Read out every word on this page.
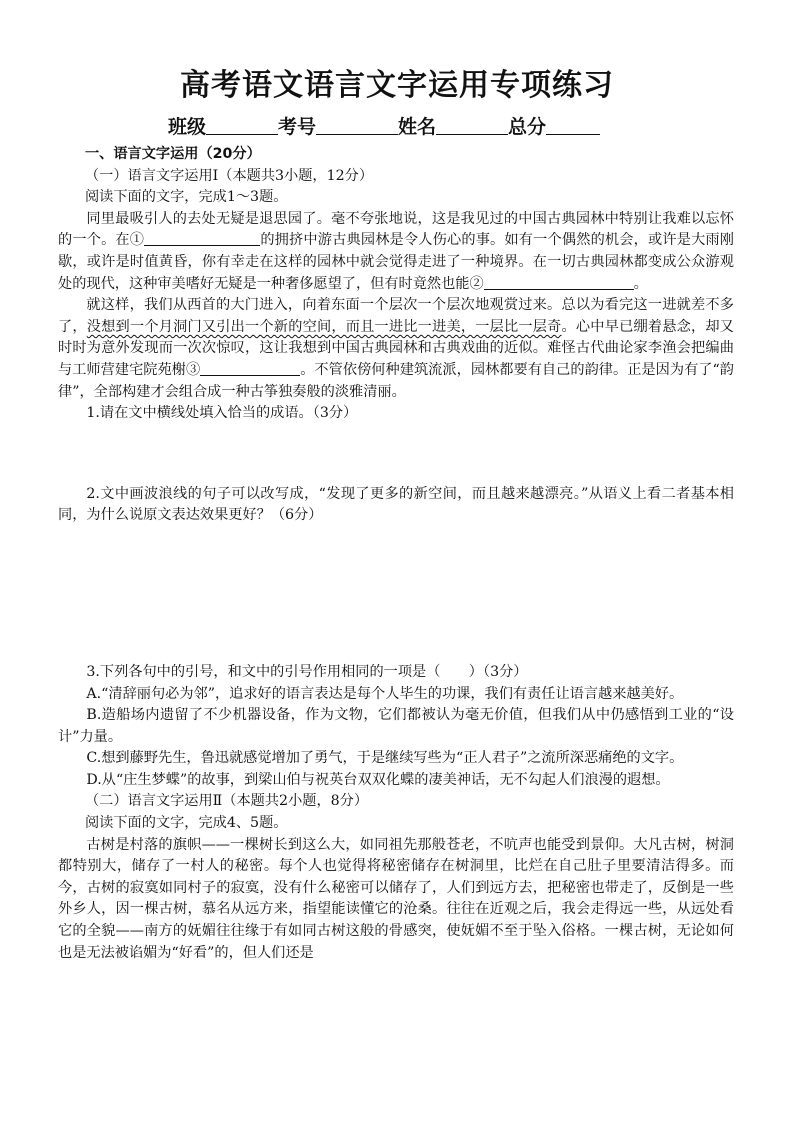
高考语文语言文字运用专项练习
班级	考号	姓名	总分

一、语言文字运用（20分）

（一）语言文字运用Ⅰ（本题共3小题，12分）

阅读下面的文字，完成1～3题。

同里最吸引人的去处无疑是退思园了。毫不夸张地说，这是我见过的中国古典园林中特别让我难以忘怀的一个。在①	的拥挤中游古典园林是令人伤心的事。如有一个偶然的机会，或许是大雨刚歇，或许是时值黄昏，你有幸走在这样的园林中就会觉得走进了一种境界。在一切古典园林都变成公众游观处的现代，这种审美嗜好无疑是一种奢侈愿望了，但有时竟然也能②	。

就这样，我们从西首的大门进入，向着东面一个层次一个层次地观赏过来。总以为看完这一进就差不多了，没想到一个月洞门又引出一个新的空间，而且一进比一进美，一层比一层奇。心中早已绷着悬念，却又时时为意外发现而一次次惊叹，这让我想到中国古典园林和古典戏曲的近似。难怪古代曲论家李渔会把编曲与工师营建宅院苑榭③	。不管依傍何种建筑流派，园林都要有自己的韵律。正是因为有了“韵律”，全部构建才会组合成一种古筝独奏般的淡雅清丽。

1.请在文中横线处填入恰当的成语。（3分）

2.文中画波浪线的句子可以改写成，“发现了更多的新空间，而且越来越漂亮。”从语义上看二者基本相同，为什么说原文表达效果更好？（6分）

3.下列各句中的引号，和文中的引号作用相同的一项是（　　）（3分）

A.“清辞丽句必为邻”，追求好的语言表达是每个人毕生的功课，我们有责任让语言越来越美好。

B.造船场内遗留了不少机器设备，作为文物，它们都被认为毫无价值，但我们从中仍感悟到工业的“设计”力量。

C.想到藤野先生，鲁迅就感觉增加了勇气，于是继续写些为“正人君子”之流所深恶痛绝的文字。

D.从“庄生梦蝶”的故事，到梁山伯与祝英台双双化蝶的凄美神话，无不勾起人们浪漫的遐想。

（二）语言文字运用Ⅱ（本题共2小题，8分）

阅读下面的文字，完成4、5题。

古树是村落的旗帜——一棵树长到这么大，如同祖先那般苍老，不吭声也能受到景仰。大凡古树，树洞都特别大，储存了一村人的秘密。每个人也觉得将秘密储存在树洞里，比烂在自己肚子里要清洁得多。而今，古树的寂寞如同村子的寂寞，没有什么秘密可以储存了，人们到远方去，把秘密也带走了，反倒是一些外乡人，因一棵古树，慕名从远方来，指望能读懂它的沧桑。往往在近观之后，我会走得远一些，从远处看它的全貌——南方的妩媚往往缘于有如同古树这般的骨感突，使妩媚不至于坠入俗格。一棵古树，无论如何也是无法被谄媚为“好看”的，但人们还是
